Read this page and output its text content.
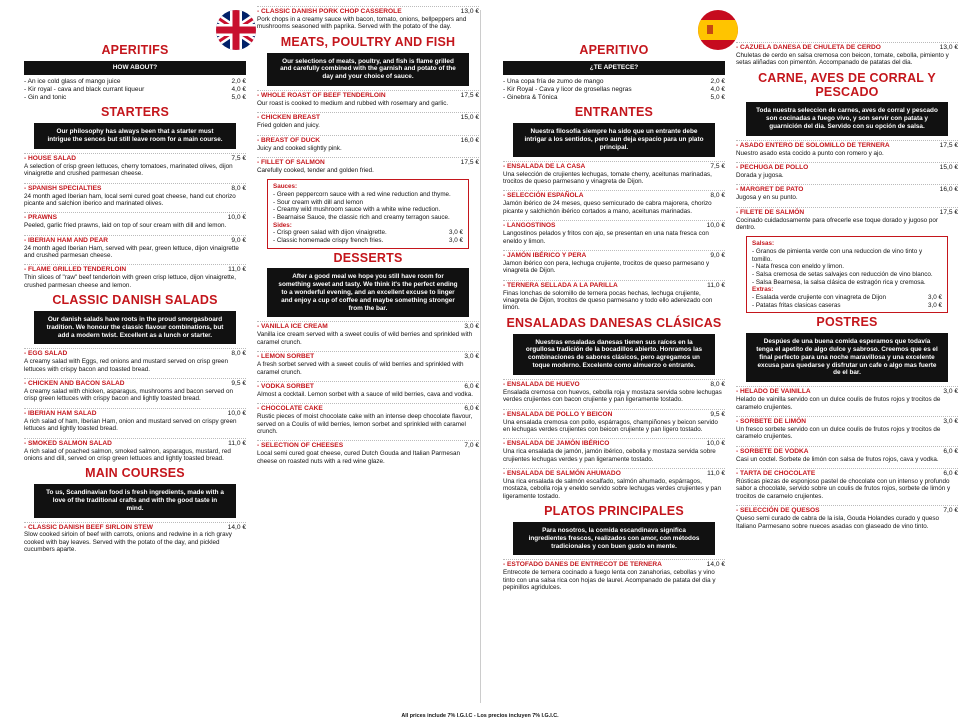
APERITIFS
HOW ABOUT?
- An ice cold glass of mango juice	2,0 €
- Kir royal - cava and black currant liqueur	4,0 €
- Gin and tonic	5,0 €
STARTERS
Our philosophy has always been that a starter must intrigue the sences but still leave room for a main course.
- HOUSE SALAD	7,5 €
A selection of crisp green lettuces, cherry tomatoes, marinated olives, dijon vinaigrette and crushed parmesan cheese.
- SPANISH SPECIALTIES	8,0 €
24 month aged Iberian ham, local semi cured goat cheese, hand cut chorizo picante and salchion iberico and marinated olives.
- PRAWNS	10,0 €
Peeled, garlic fried prawns, laid on top of sour cream with dill and lemon.
- IBERIAN HAM AND PEAR	9,0 €
24 month aged Iberian Ham, served with pear, green lettuce, dijon vinaigrette and crushed parmesan cheese.
- FLAME GRILLED TENDERLOIN	11,0 €
Thin slices of "raw" beef tenderloin with green crisp lettuce, dijon vinaigrette, crushed parmesan cheese and lemon.
CLASSIC DANISH SALADS
Our danish salads have roots in the proud smorgasboard tradition. We honour the classic flavour combinations, but add a modern twist. Excellent as a lunch or starter.
- EGG SALAD	8,0 €
A creamy salad with Eggs, red onions and mustard served on crisp green lettuces with crispy bacon and toasted bread.
- CHICKEN AND BACON SALAD	9,5 €
A creamy salad with chicken, asparagus, mushrooms and bacon served on crisp green lettuces with crispy bacon and lightly toasted bread.
- IBERIAN HAM SALAD	10,0 €
A rich salad of ham, Iberian Ham, onion and mustard served on crispy green lettuces and lightly toasted bread.
- SMOKED SALMON SALAD	11,0 €
A rich salad of poached salmon, smoked salmon, asparagus, mustard, red onions and dill, served on crisp green lettuces and lightly toasted bread.
MAIN COURSES
To us, Scandinavian food is fresh ingredients, made with a love of the traditional crafts and with the good taste in mind.
- CLASSIC DANISH BEEF SIRLOIN STEW	14,0 €
Slow cooked sirloin of beef with carrots, onions and redwine in a rich gravy cooked with bay leaves. Served with the potato of the day, and pickled cucumbers aparte.
- CLASSIC DANISH PORK CHOP CASSEROLE	13,0 €
Pork chops in a creamy sauce with bacon, tomato, onions, bellpeppers and mushrooms seasoned with paprika. Served with the potato of the day.
MEATS, POULTRY AND FISH
Our selections of meats, poultry, and fish is flame grilled and carefully combined with the garnish and potato of the day and your choice of sauce.
- WHOLE ROAST OF BEEF TENDERLOIN	17,5 €
Our roast is cooked to medium and rubbed with rosemary and garlic.
- CHICKEN BREAST	15,0 €
Fried golden and juicy.
- BREAST OF DUCK	16,0 €
Juicy and cooked slightly pink.
- FILLET OF SALMON	17,5 €
Carefully cooked, tender and golden fried.
Sauces:
- Green peppercorn sauce with a red wine reduction and thyme.
- Sour cream with dill and lemon
- Creamy wild mushroom sauce with a white wine reduction.
- Bearnaise Sauce, the classic rich and creamy terragon sauce.
Sides:
- Crisp green salad with dijon vinaigrette.	3,0 €
- Classic homemade crispy french fries.	3,0 €
DESSERTS
After a good meal we hope you still have room for something sweet and tasty. We think it's the perfect ending to a wonderful evening, and an excellent excuse to linger and enjoy a cup of coffee and maybe something stronger from the bar.
- VANILLA ICE CREAM	3,0 €
Vanilla ice cream served with a sweet coulis of wild berries and sprinkled with caramel crunch.
- LEMON SORBET	3,0 €
A fresh sorbet served with a sweet coulis of wild berries and sprinkled with caramel crunch.
- VODKA SORBET	6,0 €
Almost a cocktail. Lemon sorbet with a sauce of wild berries, cava and vodka.
- CHOCOLATE CAKE	6,0 €
Rustic pieces of moist chocolate cake with an intense deep chocolate flavour, served on a Coulis of wild berries, lemon sorbet and sprinkled with caramel crunch.
- SELECTION OF CHEESES	7,0 €
Local semi cured goat cheese, cured Dutch Gouda and Italian Parmesan cheese on roasted nuts with a red wine glaze.
APERITIVO
¿TE APETECE?
- Una copa fría de zumo de mango	2,0 €
- Kir Royal - Cava y licor de grosellas negras	4,0 €
- Ginebra & Tónica	5,0 €
ENTRANTES
Nuestra filosofía siempre ha sido que un entrante debe intrigar a los sentidos, pero aun deja espacio para un plato principal.
- ENSALADA DE LA CASA	7,5 €
Una selección de crujientes lechugas, tomate cherry, aceitunas marinadas, trocitos de queso parmesano y vinagreta de Dijon.
- SELECCIÓN ESPAÑOLA	8,0 €
Jamón ibérico de 24 meses, queso semicurado de cabra majorera, chorizo picante y salchichón ibérico cortados a mano, aceitunas marinadas.
- LANGOSTINOS	10,0 €
Langostinos pelados y fritos con ajo, se presentan en una nata fresca con eneldo y limon.
- JAMÓN IBÉRICO Y PERA	9,0 €
Jamon ibérico con pera, lechuga crujiente, trocitos de queso parmesano y vinagreta de Dijon.
- TERNERA SELLADA A LA PARILLA	11,0 €
Finas lonchas de solomillo de ternera pocas hechas, lechuga crujiente, vinagreta de Dijon, trocitos de queso parmesano y todo ello aderezado con limón.
ENSALADAS DANESAS CLÁSICAS
Nuestras ensaladas danesas tienen sus raíces en la orgullosa tradición de la bocadillos abierto. Honramos las combinaciones de sabores clásicos, pero agregamos un toque moderno. Excelente como almuerzo o entrante.
- ENSALADA DE HUEVO	8,0 €
Ensalada cremosa con huevos, cebolla roja y mostaza servida sobre lechugas verdes crujientes con bacon crujiente y pan ligeramente tostado.
- ENSALADA DE POLLO Y BEICON	9,5 €
Una ensalada cremosa con pollo, espárragos, champiñones y beicon servido en lechugas verdes crujientes con beicon crujiente y pan ligero tostado.
- ENSALADA DE JAMÓN IBÉRICO	10,0 €
Una rica ensalada de jamón, jamón ibérico, cebolla y mostaza servida sobre crujientes lechugas verdes y pan ligeramente tostado.
- ENSALADA DE SALMÓN AHUMADO	11,0 €
Una rica ensalada de salmón escalfado, salmón ahumado, espárragos, mostaza, cebolla roja y eneldo servido sobre lechugas verdes crujientes y pan ligeramente tostado.
PLATOS PRINCIPALES
Para nosotros, la comida escandinava significa ingredientes frescos, realizados con amor, con métodos tradicionales y con buen gusto en mente.
- ESTOFADO DANES DE ENTRECOT DE TERNERA	14,0 €
Entrecote de ternera cocinado a fuego lenta con zanahorias, cebollas y vino tinto con una salsa rica con hojas de laurel. Acompanado de patata del dia y pepinillos agridulces.
- CAZUELA DANESA DE CHULETA DE CERDO	13,0 €
Chuletas de cerdo en salsa cremosa con beicon, tomate, cebolla, pimiento y setas aliñadas con pimentón. Accompanado de patatas del dia.
CARNE, AVES DE CORRAL Y PESCADO
Toda nuestra seleccion de carnes, aves de corral y pescado son cocinadas a fuego vivo, y son servir con patata y guarnición del dia. Servido con su opción de salsa.
- ASADO ENTERO DE SOLOMILLO DE TERNERA	17,5 €
Nuestro asado esta cocido a punto con romero y ajo.
- PECHUGA DE POLLO	15,0 €
Dorada y jugosa.
- MARGRET DE PATO	16,0 €
Jugosa y en su punto.
- FILETE DE SALMÓN	17,5 €
Cocinado cuidadosamente para ofrecerle ese toque dorado y jugoso por dentro.
Salsas:
- Granos de pimienta verde con una reduccion de vino tinto y tomillo.
- Nata fresca con eneldo y limon.
- Salsa cremosa de setas salvajes con reducción de vino blanco.
- Salsa Bearnesa, la salsa clásica de estragón rica y cremosa.
Extras:
- Esalada verde crujiente con vinagreta de Dijon	3,0 €
- Patatas fritas clasicas caseras	3,0 €
POSTRES
Despúes de una buena comida esperamos que todavía tenga el apetito de algo dulce y sabroso. Creemos que es el final perfecto para una noche maravillosa y una excelente excusa para quedarse y disfrutar un cafe o algo mas fuerte de el bar.
- HELADO DE VAINILLA	3,0 €
Helado de vainilla servido con un dulce coulis de frutos rojos y trocitos de caramelo crujientes.
- SORBETE DE LIMÓN	3,0 €
Un fresco sorbete servido con un dulce coulis de frutos rojos y trocitos de caramelo crujientes.
- SORBETE DE VODKA	6,0 €
Casi un coctel. Sorbete de limón con salsa de frutos rojos, cava y vodka.
- TARTA DE CHOCOLATE	6,0 €
Rústicas piezas de esponjoso pastel de chocolate con un intenso y profundo sabor a chocolate, servido sobre un coulis de frutos rojos, sorbete de limón y trocitos de caramelo crujientes.
- SELECCIÓN DE QUESOS	7,0 €
Queso semi curado de cabra de la isla, Gouda Holandes curado y queso Italiano Parmesano sobre nueces asadas con glaseado de vino tinto.
All prices include 7% I.G.I.C - Los precios incluyen 7% I.G.I.C.
